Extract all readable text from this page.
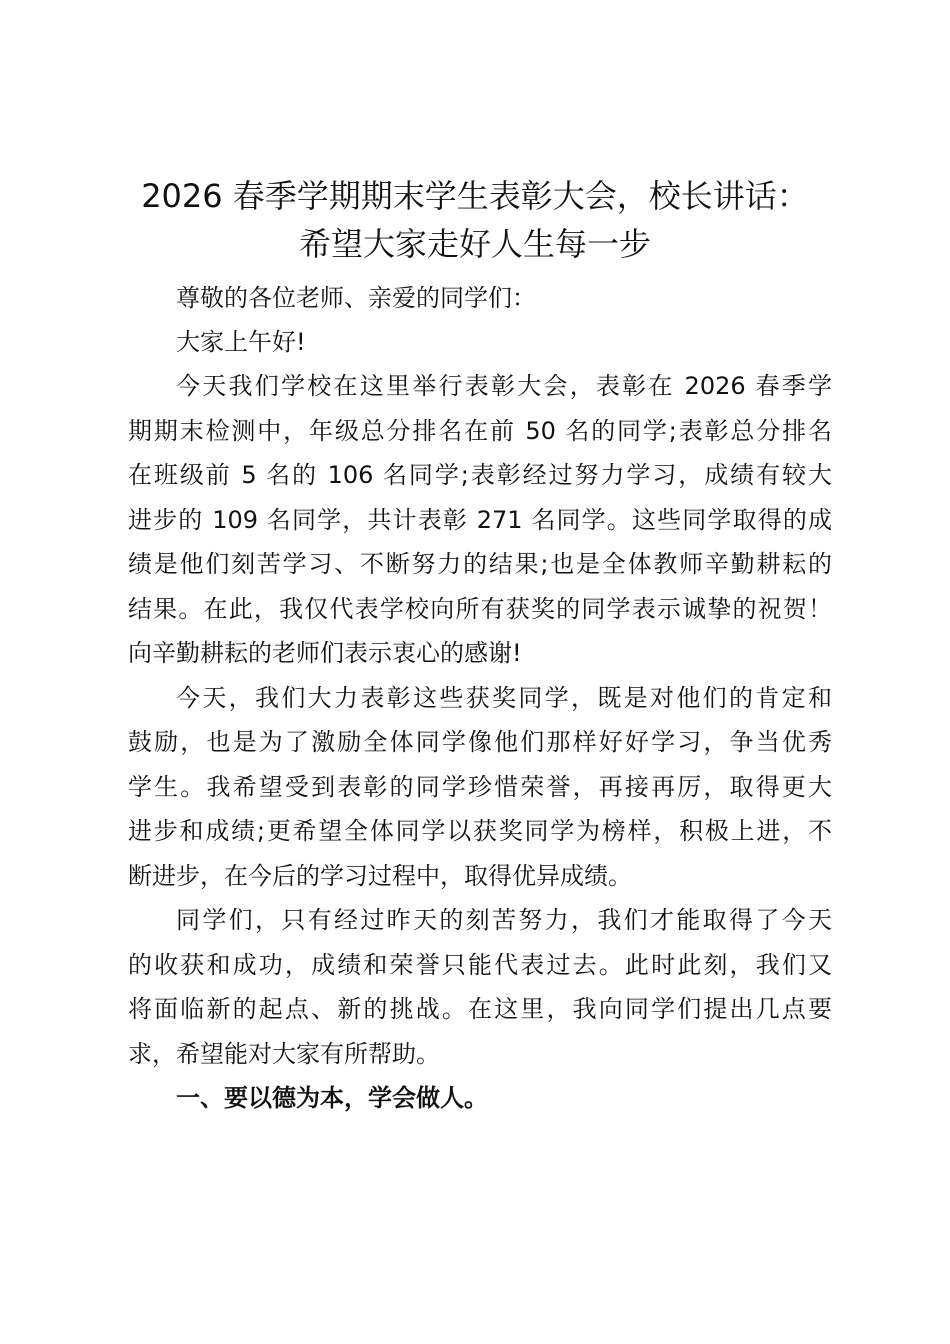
2026 春季学期期末学生表彰大会，校长讲话：
希望大家走好人生每一步

尊敬的各位老师、亲爱的同学们：

大家上午好!

今天我们学校在这里举行表彰大会，表彰在 2026 春季学

期期末检测中，年级总分排名在前 50 名的同学;表彰总分排名

在班级前 5 名的 106 名同学;表彰经过努力学习，成绩有较大

进步的 109 名同学，共计表彰 271 名同学。这些同学取得的成

绩是他们刻苦学习、不断努力的结果;也是全体教师辛勤耕耘的

结果。在此，我仅代表学校向所有获奖的同学表示诚挚的祝贺！

向辛勤耕耘的老师们表示衷心的感谢!

今天，我们大力表彰这些获奖同学，既是对他们的肯定和

鼓励，也是为了激励全体同学像他们那样好好学习，争当优秀

学生。我希望受到表彰的同学珍惜荣誉，再接再厉，取得更大

进步和成绩;更希望全体同学以获奖同学为榜样，积极上进，不

断进步，在今后的学习过程中，取得优异成绩。

同学们，只有经过昨天的刻苦努力，我们才能取得了今天

的收获和成功，成绩和荣誉只能代表过去。此时此刻，我们又

将面临新的起点、新的挑战。在这里，我向同学们提出几点要

求，希望能对大家有所帮助。

一、要以德为本，学会做人。
